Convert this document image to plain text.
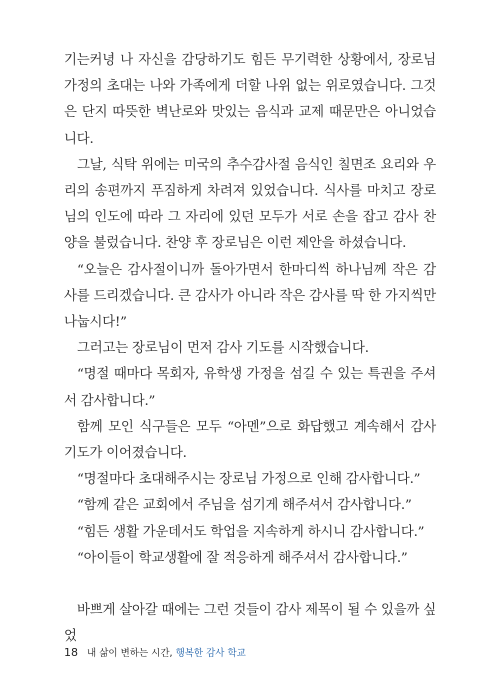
기는커녕 나 자신을 감당하기도 힘든 무기력한 상황에서, 장로님 가정의 초대는 나와 가족에게 더할 나위 없는 위로였습니다. 그것은 단지 따뜻한 벽난로와 맛있는 음식과 교제 때문만은 아니었습니다.

그날, 식탁 위에는 미국의 추수감사절 음식인 칠면조 요리와 우리의 송편까지 푸짐하게 차려져 있었습니다. 식사를 마치고 장로님의 인도에 따라 그 자리에 있던 모두가 서로 손을 잡고 감사 찬양을 불렀습니다. 찬양 후 장로님은 이런 제안을 하셨습니다.

“오늘은 감사절이니까 돌아가면서 한마디씩 하나님께 작은 감사를 드리겠습니다. 큰 감사가 아니라 작은 감사를 딱 한 가지씩만 나눕시다!”

그러고는 장로님이 먼저 감사 기도를 시작했습니다.

“명절 때마다 목회자, 유학생 가정을 섬길 수 있는 특권을 주셔서 감사합니다.”

함께 모인 식구들은 모두 “아멘”으로 화답했고 계속해서 감사 기도가 이어졌습니다.

“명절마다 초대해주시는 장로님 가정으로 인해 감사합니다.”

“함께 같은 교회에서 주님을 섬기게 해주셔서 감사합니다.”

“힘든 생활 가운데서도 학업을 지속하게 하시니 감사합니다.”

“아이들이 학교생활에 잘 적응하게 해주셔서 감사합니다.”

바쁘게 살아갈 때에는 그런 것들이 감사 제목이 될 수 있을까 싶었

18 내 삶이 변하는 시간, 행복한 감사 학교
